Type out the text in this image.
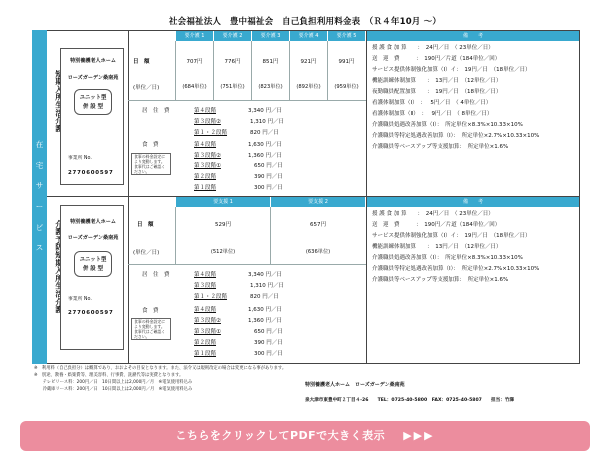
社会福祉法人　豊中福祉会　自己負担利用料金表　（Ｒ４年10月 ～）
在
宅
サ
ー
ビ
ス
特別養護老人ホーム
ローズガーデン桑南苑
ユニット型
併 設 型
事業所 No.
2770600597
要介護 1	要介護 2	要介護 3	要介護 4	要介護 5	備　　考
日　額
(単位／日)
707円	776円	851円	921円	991円
(684単位)	(751単位)	(823単位)	(892単位)	(959単位)
居　住　費	第４段階	3,340 円／日
第３段階②	1,310 円／日
第１・２段階	820 円／日
食　費
食事の料金設定により変動します。食事代はご確認ください。
第４段階	1,630 円／日
第３段階②	1,360 円／日
第３段階①	650 円／日
第２段階	390 円／日
第１段階	300 円／日
援 護 食 加 算　　：　24円／日　（ 23単位／日）
送　迎　費　　　：　190円／片道（184単位／回）
サービス提供体制強化加算（Ⅰ）イ：　19円／日　（18単位／日）
機能訓練体制加算　　：　13円／日　（12単位／日）
夜勤職員配置加算　　：　19円／日　（18単位／日）
看護体制加算（Ⅰ）　：　 5円／日　（ 4単位／日）
看護体制加算（Ⅱ）　：　 9円／日　（ 8単位／日）
介護職員処遇改善加算（Ⅰ）：　所定単位×8.3%×10.33×10%
介護職員等特定処遇改善加算（Ⅰ）：　所定単位×2.7%×10.33×10%
介護職員等ベースアップ等支援加算：　所定単位×1.6%
特別養護老人ホーム
ローズガーデン桑南苑
ユニット型
併 設 型
事業所 No.
2770600597
要支援 1	要支援 2	備　　考
日　額
(単位／日)
529円	657円
(512単位)	(636単位)
居　住　費	第４段階	3,340 円／日
第３段階	1,310 円／日
第１・２段階	820 円／日
食　費
食事の料金設定により変動します。食事代はご確認ください。
第４段階	1,630 円／日
第３段階②	1,360 円／日
第３段階①	650 円／日
第２段階	390 円／日
第１段階	300 円／日
援 護 食 加 算　　：　24円／日　（ 23単位／日）
送　迎　費　　　：　190円／片道（184単位／回）
サービス提供体制強化加算（Ⅰ）イ：　19円／日　（18単位／日）
機能訓練体制加算　　：　13円／日　（12単位／日）
介護職員処遇改善加算（Ⅰ）：　所定単位×8.3%×10.33×10%
介護職員等特定処遇改善加算（Ⅰ）：　所定単位×2.7%×10.33×10%
介護職員等ベースアップ等支援加算：　所定単位×1.6%
※　利用料（自己負担分）は概算であり、おおよその目安となります。また、法令又は規則改定の場合は変更になる事があります。
※　別途、教養・娯楽費等、理美容料、行事費、洗濯代等は実費となります。
　　テレビリース料：200円／日　10日間以上は2,000円／月　※電気使用料込み
　　冷蔵庫リース料：200円／日　10日間以上は2,000円／月　※電気使用料込み
特別養護老人ホーム　ローズガーデン桑南苑
泉大津市東豊中町２丁目４-26　　TEL：0725-40-5800　FAX：0725-40-5807　　担当：竹澤
こちらをクリックしてPDFで大きく表示 ▶▶▶
